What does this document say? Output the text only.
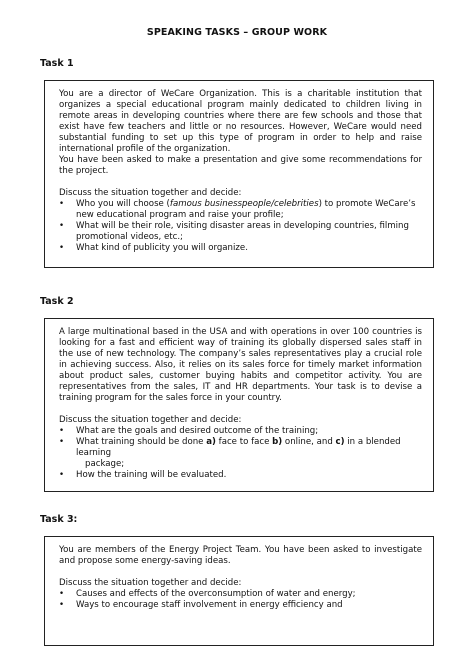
SPEAKING TASKS – GROUP WORK
Task 1

You are a director of WeCare Organization. This is a charitable institution that organizes a special educational program mainly dedicated to children living in remote areas in developing countries where there are few schools and those that exist have few teachers and little or no resources. However, WeCare would need substantial funding to set up this type of program in order to help and raise international profile of the organization.

You have been asked to make a presentation and give some recommendations for the project.

Discuss the situation together and decide:

• Who you will choose (famous businesspeople/celebrities) to promote WeCare’s new educational program and raise your profile;
• What will be their role, visiting disaster areas in developing countries, filming promotional videos, etc.;
• What kind of publicity you will organize.
Task 2

A large multinational based in the USA and with operations in over 100 countries is looking for a fast and efficient way of training its globally dispersed sales staff in the use of new technology. The company’s sales representatives play a crucial role in achieving success. Also, it relies on its sales force for timely market information about product sales, customer buying habits and competitor activity. You are representatives from the sales, IT and HR departments. Your task is to devise a training program for the sales force in your country.

Discuss the situation together and decide:

• What are the goals and desired outcome of the training;
• What training should be done a) face to face b) online, and c) in a blended learning
package;
• How the training will be evaluated.
Task 3:

You are members of the Energy Project Team. You have been asked to investigate and propose some energy-saving ideas.

Discuss the situation together and decide:

• Causes and effects of the overconsumption of water and energy;
• Ways to encourage staff involvement in energy efficiency and
